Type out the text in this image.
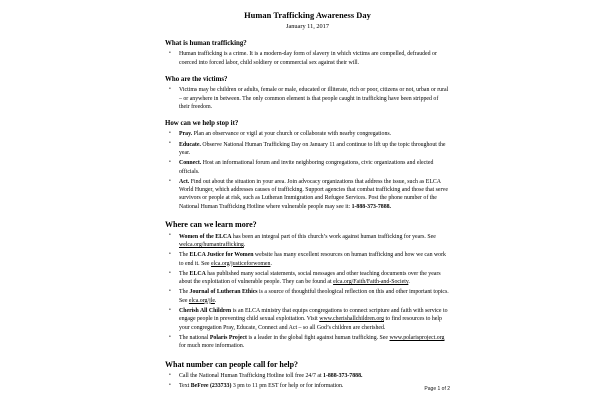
Human Trafficking Awareness Day
January 11, 2017
What is human trafficking?
• Human trafficking is a crime. It is a modern-day form of slavery in which victims are compelled, defrauded or coerced into forced labor, child soldiery or commercial sex against their will.
Who are the victims?
• Victims may be children or adults, female or male, educated or illiterate, rich or poor, citizens or not, urban or rural – or anywhere in between. The only common element is that people caught in trafficking have been stripped of their freedom.
How can we help stop it?
• Pray. Plan an observance or vigil at your church or collaborate with nearby congregations.
• Educate. Observe National Human Trafficking Day on January 11 and continue to lift up the topic throughout the year.
• Connect. Host an informational forum and invite neighboring congregations, civic organizations and elected officials.
• Act. Find out about the situation in your area. Join advocacy organizations that address the issue, such as ELCA World Hunger, which addresses causes of trafficking. Support agencies that combat trafficking and those that serve survivors or people at risk, such as Lutheran Immigration and Refugee Services. Post the phone number of the National Human Trafficking Hotline where vulnerable people may see it: 1-888-373-7888.
Where can we learn more?
• Women of the ELCA has been an integral part of this church’s work against human trafficking for years. See welca.org/humantrafficking.
• The ELCA Justice for Women website has many excellent resources on human trafficking and how we can work to end it. See elca.org/justiceforwomen.
• The ELCA has published many social statements, social messages and other teaching documents over the years about the exploitation of vulnerable people. They can be found at elca.org/Faith/Faith-and-Society.
• The Journal of Lutheran Ethics is a source of thoughtful theological reflection on this and other important topics. See elca.org/jle.
• Cherish All Children is an ELCA ministry that equips congregations to connect scripture and faith with service to engage people in preventing child sexual exploitation. Visit www.cherishallchildren.org to find resources to help your congregation Pray, Educate, Connect and Act – so all God’s children are cherished.
• The national Polaris Project is a leader in the global fight against human trafficking. See www.polarisproject.org for much more information.
What number can people call for help?
• Call the National Human Trafficking Hotline toll free 24/7 at 1-888-373-7888.
• Text BeFree (233733) 3 pm to 11 pm EST for help or for information.	Page 1 of 2
